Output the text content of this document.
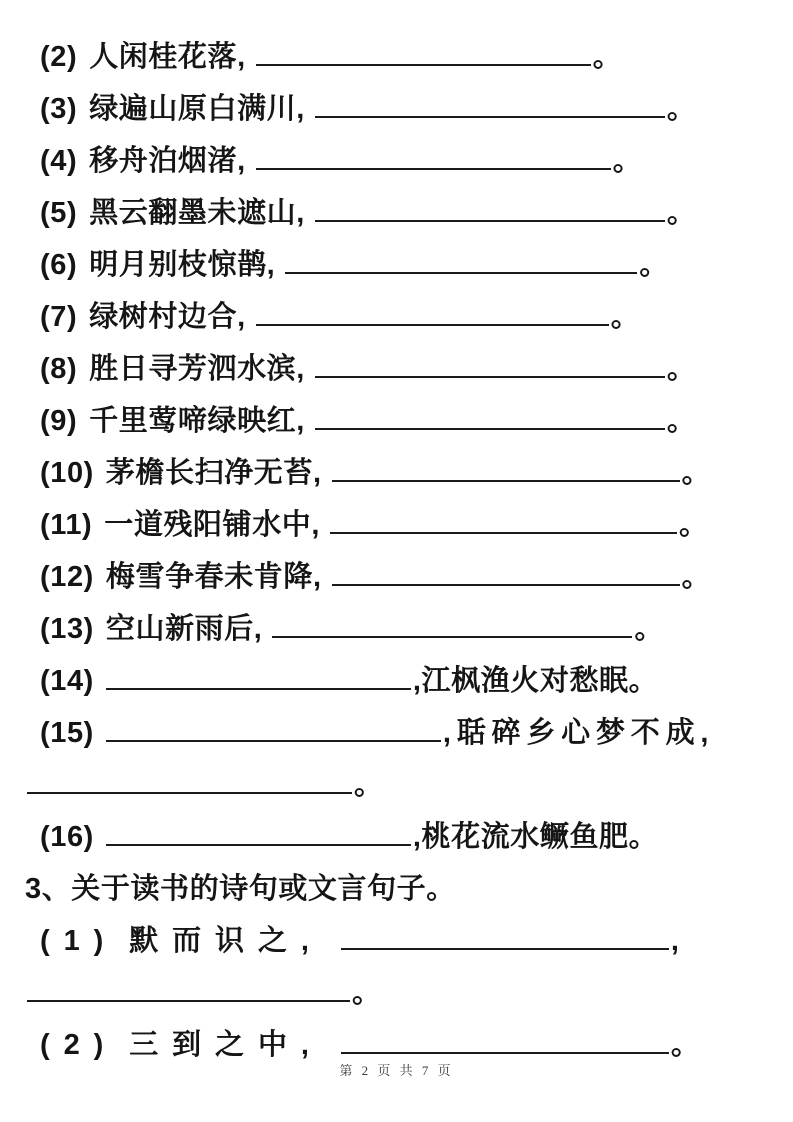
(2) 人闲桂花落,	。
(3) 绿遍山原白满川,	。
(4) 移舟泊烟渚,	。
(5) 黑云翻墨未遮山,	。
(6) 明月别枝惊鹊,	。
(7) 绿树村边合,	。
(8) 胜日寻芳泗水滨,	。
(9) 千里莺啼绿映红,	。
(10) 茅檐长扫净无苔,	。
(11) 一道残阳铺水中,	。
(12) 梅雪争春未肯降,	。
(13) 空山新雨后,	。
(14)	,江枫渔火对愁眠。
(15)	,聒碎乡心梦不成,
。
(16)	,桃花流水鳜鱼肥。
3、关于读书的诗句或文言句子。
(1) 默而识之,	,
。
(2) 三到之中,	。
第 2 页 共 7 页
